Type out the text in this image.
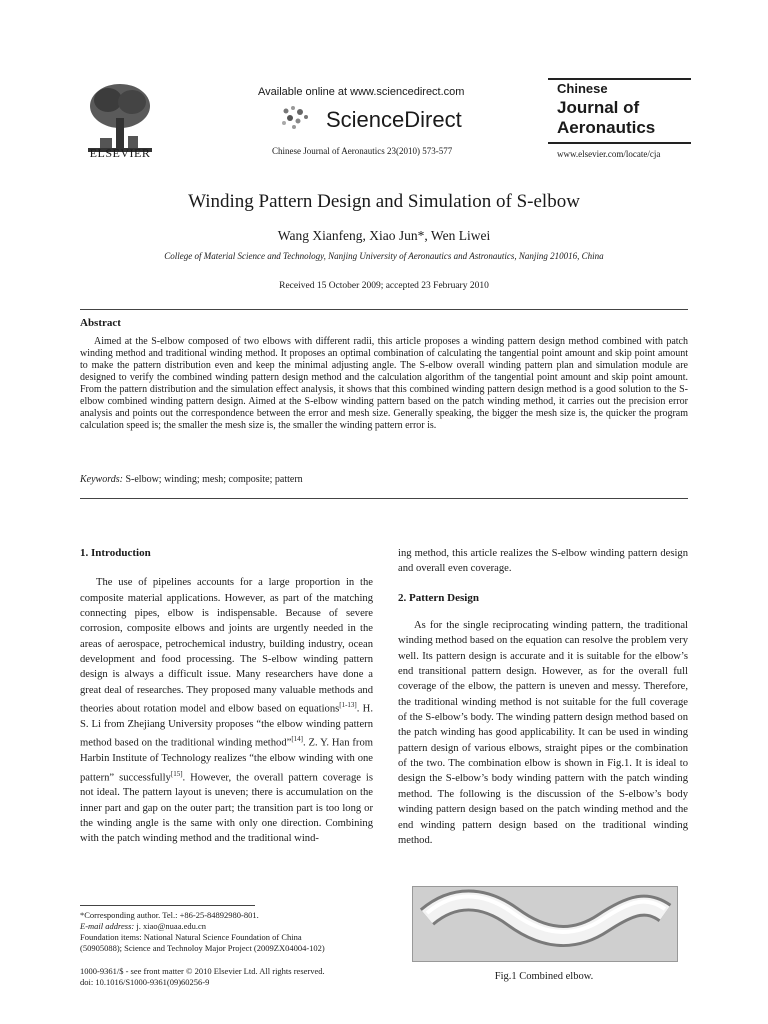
ELSEVIER
Available online at www.sciencedirect.com
ScienceDirect
Chinese Journal of Aeronautics 23(2010) 573-577
Chinese
Journal of
Aeronautics
www.elsevier.com/locate/cja
Winding Pattern Design and Simulation of S-elbow
Wang Xianfeng, Xiao Jun*, Wen Liwei
College of Material Science and Technology, Nanjing University of Aeronautics and Astronautics, Nanjing 210016, China
Received 15 October 2009; accepted 23 February 2010
Abstract
Aimed at the S-elbow composed of two elbows with different radii, this article proposes a winding pattern design method combined with patch winding method and traditional winding method. It proposes an optimal combination of calculating the tangential point amount and skip point amount to make the pattern distribution even and keep the minimal adjusting angle. The S-elbow overall winding pattern plan and simulation module are designed to verify the combined winding pattern design method and the calculation algorithm of the tangential point amount and skip point amount. From the pattern distribution and the simulation effect analysis, it shows that this combined winding pattern design method is a good solution to the S-elbow combined winding pattern design. Aimed at the S-elbow winding pattern based on the patch winding method, it carries out the precision error analysis and points out the correspondence between the error and mesh size. Generally speaking, the bigger the mesh size is, the quicker the program calculation speed is; the smaller the mesh size is, the smaller the winding pattern error is.
Keywords: S-elbow; winding; mesh; composite; pattern
1. Introduction

The use of pipelines accounts for a large proportion in the composite material applications. However, as part of the matching connecting pipes, elbow is indispensable. Because of severe corrosion, composite elbows and joints are urgently needed in the areas of aerospace, petrochemical industry, building industry, ocean development and food processing. The S-elbow winding pattern design is always a difficult issue. Many researchers have done a great deal of researches. They proposed many valuable methods and theories about rotation model and elbow based on equations[1-13]. H. S. Li from Zhejiang University proposes “the elbow winding pattern method based on the traditional winding method”[14]. Z. Y. Han from Harbin Institute of Technology realizes “the elbow winding with one pattern” successfully[15]. However, the overall pattern coverage is not ideal. The pattern layout is uneven; there is accumulation on the inner part and gap on the outer part; the transition part is too long or the winding angle is the same with only one direction. Combining with the patch winding method and the traditional wind-

ing method, this article realizes the S-elbow winding pattern design and overall even coverage.

2. Pattern Design

As for the single reciprocating winding pattern, the traditional winding method based on the equation can resolve the problem very well. Its pattern design is accurate and it is suitable for the elbow’s end transitional pattern design. However, as for the overall full coverage of the elbow, the pattern is uneven and messy. Therefore, the traditional winding method is not suitable for the full coverage of the S-elbow’s body. The winding pattern design method based on the patch winding has good applicability. It can be used in winding pattern design of various elbows, straight pipes or the combination of the two. The combination elbow is shown in Fig.1. It is ideal to design the S-elbow’s body winding pattern with the patch winding method. The following is the discussion of the S-elbow’s body winding pattern design based on the patch winding method and the end winding pattern design based on the traditional winding method.

Fig.1 Combined elbow.
*Corresponding author. Tel.: +86-25-84892980-801.
E-mail address: j. xiao@nuaa.edu.cn
Foundation items: National Natural Science Foundation of China
(50905088); Science and Technoloy Major Project (2009ZX04004-102)
1000-9361/$ - see front matter © 2010 Elsevier Ltd. All rights reserved.
doi: 10.1016/S1000-9361(09)60256-9
